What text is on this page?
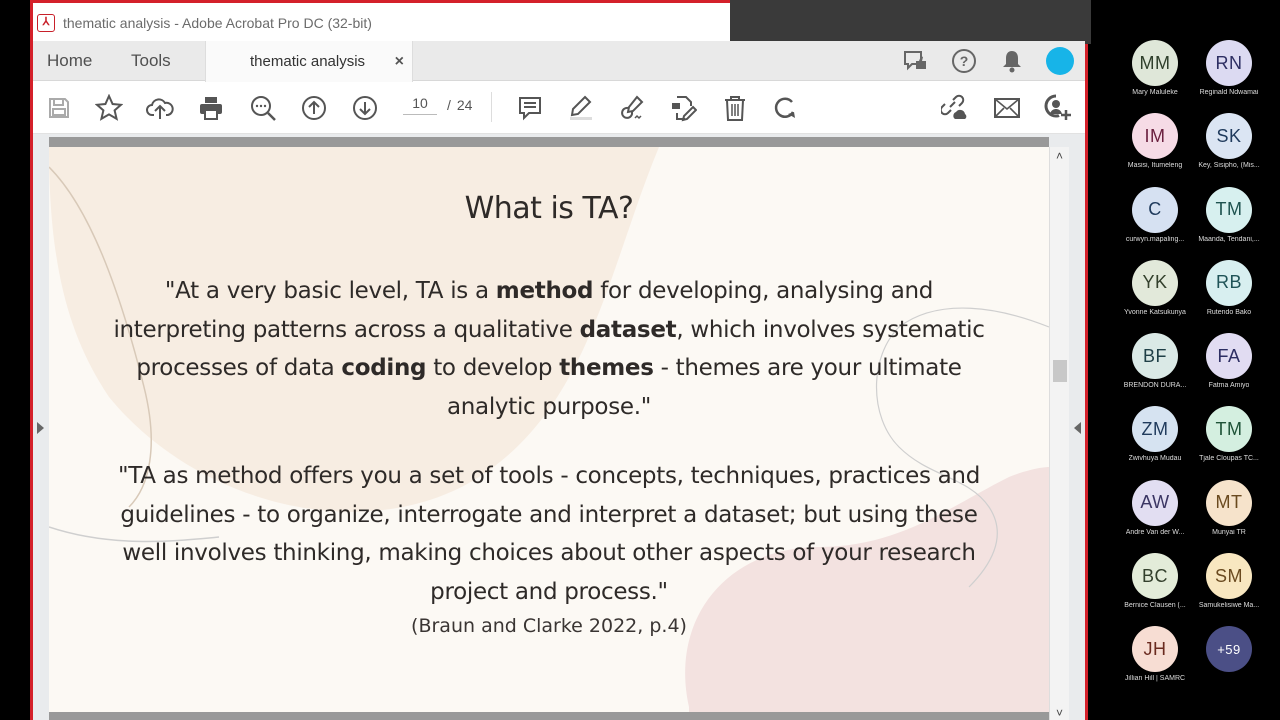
⅄ thematic analysis - Adobe Acrobat Pro DC (32-bit)
Home Tools	thematic analysis ×	?
10	/ 24
What is TA?
"At a very basic level, TA is a method for developing, analysing and interpreting patterns across a qualitative dataset, which involves systematic processes of data coding to develop themes - themes are your ultimate analytic purpose."
"TA as method offers you a set of tools - concepts, techniques, practices and guidelines - to organize, interrogate and interpret a dataset; but using these well involves thinking, making choices about other aspects of your research project and process."
(Braun and Clarke 2022, p.4)
˄
˅
MM
Mary Maluleke
RN
Reginald Ndwamai
IM
Masisi, Itumeleng
SK
Key, Sisipho, (Mis...
C
curwyn.mapaling...
TM
Maanda, Tendani,...
YK
Yvonne Katsukunya
RB
Rutendo Bako
BF
BRENDON DURA...
FA
Fatma Amiyo
ZM
Zwivhuya Mudau
TM
Tjale Cloupas TC...
AW
Andre Van der W...
MT
Munyai TR
BC
Bernice Clausen (...
SM
Samukelisiwe Ma...
JH
Jillian Hill | SAMRC
+59
